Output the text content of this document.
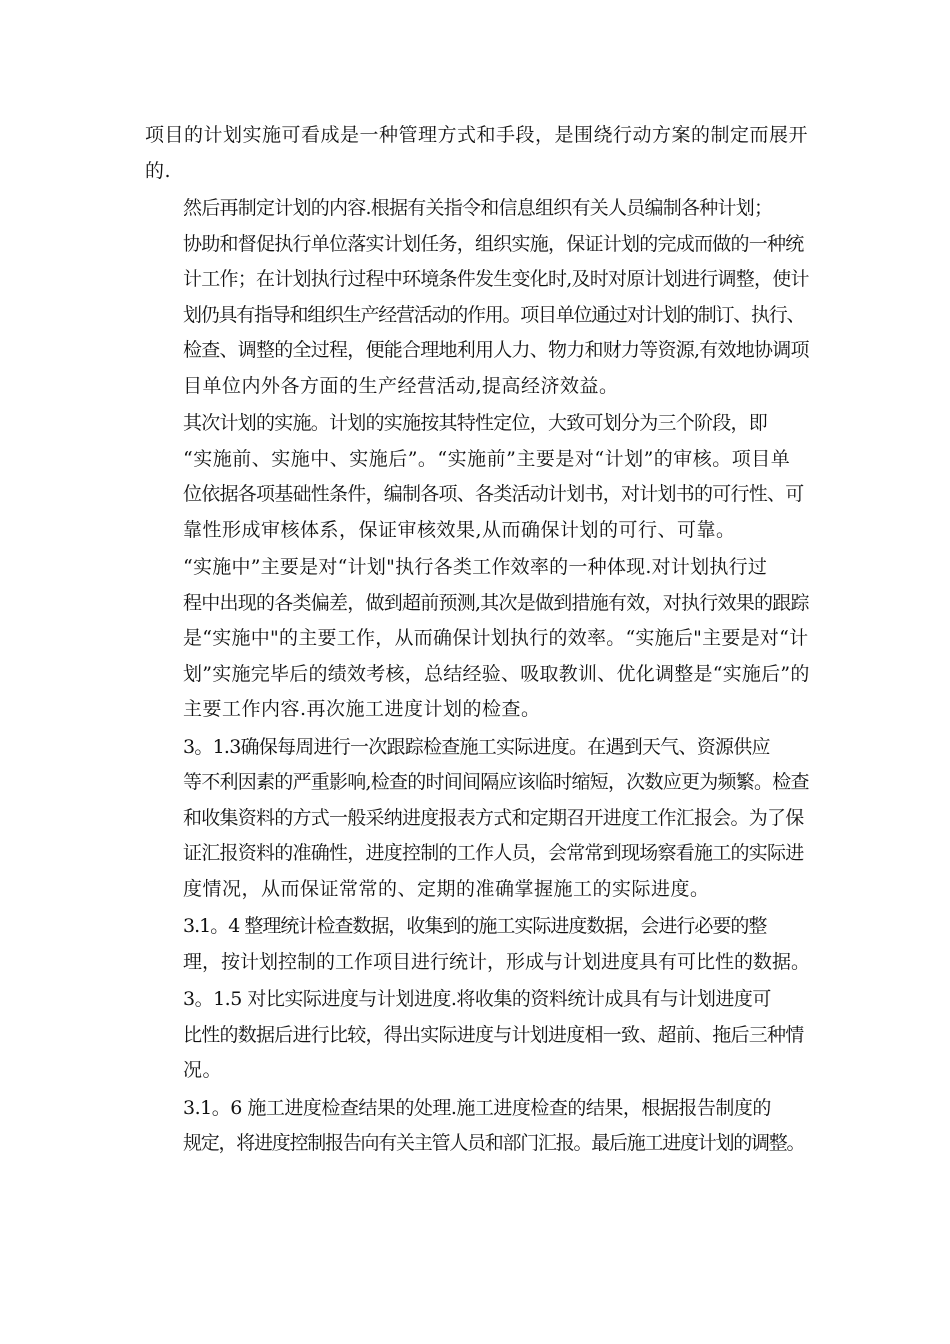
项目的计划实施可看成是一种管理方式和手段，是围绕行动方案的制定而展开
的.
然后再制定计划的内容.根据有关指令和信息组织有关人员编制各种计划；
协助和督促执行单位落实计划任务，组织实施，保证计划的完成而做的一种统
计工作；在计划执行过程中环境条件发生变化时,及时对原计划进行调整，使计
划仍具有指导和组织生产经营活动的作用。项目单位通过对计划的制订、执行、
检查、调整的全过程，便能合理地利用人力、物力和财力等资源,有效地协调项
目单位内外各方面的生产经营活动,提高经济效益。
其次计划的实施。计划的实施按其特性定位，大致可划分为三个阶段，即
“实施前、实施中、实施后”。“实施前”主要是对“计划”的审核。项目单
位依据各项基础性条件，编制各项、各类活动计划书，对计划书的可行性、可
靠性形成审核体系，保证审核效果,从而确保计划的可行、可靠。
“实施中”主要是对“计划"执行各类工作效率的一种体现.对计划执行过
程中出现的各类偏差，做到超前预测,其次是做到措施有效，对执行效果的跟踪
是“实施中"的主要工作，从而确保计划执行的效率。“实施后"主要是对“计
划”实施完毕后的绩效考核，总结经验、吸取教训、优化调整是“实施后”的
主要工作内容.再次施工进度计划的检查。
3。1.3确保每周进行一次跟踪检查施工实际进度。在遇到天气、资源供应
等不利因素的严重影响,检查的时间间隔应该临时缩短，次数应更为频繁。检查
和收集资料的方式一般采纳进度报表方式和定期召开进度工作汇报会。为了保
证汇报资料的准确性，进度控制的工作人员，会常常到现场察看施工的实际进
度情况，从而保证常常的、定期的准确掌握施工的实际进度。
3.1。4 整理统计检查数据，收集到的施工实际进度数据，会进行必要的整
理，按计划控制的工作项目进行统计，形成与计划进度具有可比性的数据。
3。1.5 对比实际进度与计划进度.将收集的资料统计成具有与计划进度可
比性的数据后进行比较，得出实际进度与计划进度相一致、超前、拖后三种情
况。
3.1。6 施工进度检查结果的处理.施工进度检查的结果，根据报告制度的
规定，将进度控制报告向有关主管人员和部门汇报。最后施工进度计划的调整。
